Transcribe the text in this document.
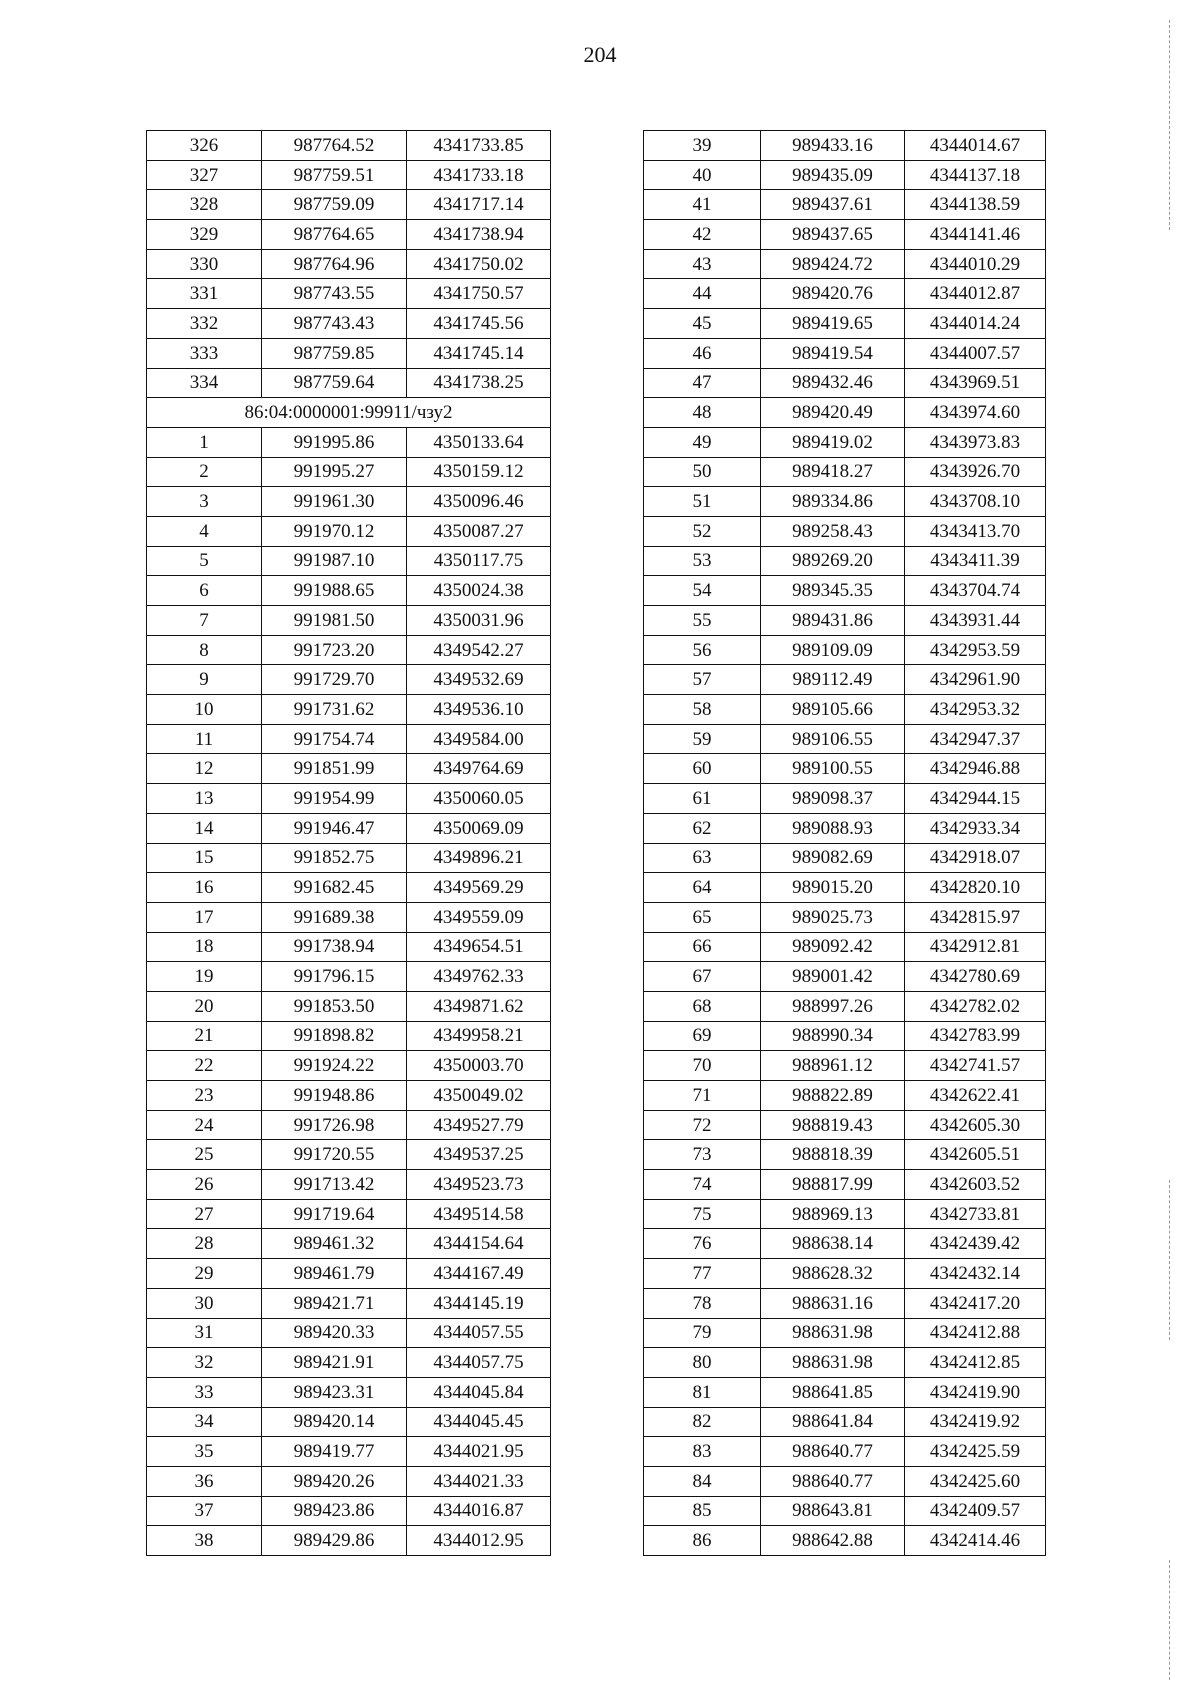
204
326	987764.52	4341733.85
327	987759.51	4341733.18
328	987759.09	4341717.14
329	987764.65	4341738.94
330	987764.96	4341750.02
331	987743.55	4341750.57
332	987743.43	4341745.56
333	987759.85	4341745.14
334	987759.64	4341738.25
86:04:0000001:99911/чзу2		
1	991995.86	4350133.64
2	991995.27	4350159.12
3	991961.30	4350096.46
4	991970.12	4350087.27
5	991987.10	4350117.75
6	991988.65	4350024.38
7	991981.50	4350031.96
8	991723.20	4349542.27
9	991729.70	4349532.69
10	991731.62	4349536.10
11	991754.74	4349584.00
12	991851.99	4349764.69
13	991954.99	4350060.05
14	991946.47	4350069.09
15	991852.75	4349896.21
16	991682.45	4349569.29
17	991689.38	4349559.09
18	991738.94	4349654.51
19	991796.15	4349762.33
20	991853.50	4349871.62
21	991898.82	4349958.21
22	991924.22	4350003.70
23	991948.86	4350049.02
24	991726.98	4349527.79
25	991720.55	4349537.25
26	991713.42	4349523.73
27	991719.64	4349514.58
28	989461.32	4344154.64
29	989461.79	4344167.49
30	989421.71	4344145.19
31	989420.33	4344057.55
32	989421.91	4344057.75
33	989423.31	4344045.84
34	989420.14	4344045.45
35	989419.77	4344021.95
36	989420.26	4344021.33
37	989423.86	4344016.87
38	989429.86	4344012.95
39	989433.16	4344014.67
40	989435.09	4344137.18
41	989437.61	4344138.59
42	989437.65	4344141.46
43	989424.72	4344010.29
44	989420.76	4344012.87
45	989419.65	4344014.24
46	989419.54	4344007.57
47	989432.46	4343969.51
48	989420.49	4343974.60
49	989419.02	4343973.83
50	989418.27	4343926.70
51	989334.86	4343708.10
52	989258.43	4343413.70
53	989269.20	4343411.39
54	989345.35	4343704.74
55	989431.86	4343931.44
56	989109.09	4342953.59
57	989112.49	4342961.90
58	989105.66	4342953.32
59	989106.55	4342947.37
60	989100.55	4342946.88
61	989098.37	4342944.15
62	989088.93	4342933.34
63	989082.69	4342918.07
64	989015.20	4342820.10
65	989025.73	4342815.97
66	989092.42	4342912.81
67	989001.42	4342780.69
68	988997.26	4342782.02
69	988990.34	4342783.99
70	988961.12	4342741.57
71	988822.89	4342622.41
72	988819.43	4342605.30
73	988818.39	4342605.51
74	988817.99	4342603.52
75	988969.13	4342733.81
76	988638.14	4342439.42
77	988628.32	4342432.14
78	988631.16	4342417.20
79	988631.98	4342412.88
80	988631.98	4342412.85
81	988641.85	4342419.90
82	988641.84	4342419.92
83	988640.77	4342425.59
84	988640.77	4342425.60
85	988643.81	4342409.57
86	988642.88	4342414.46
